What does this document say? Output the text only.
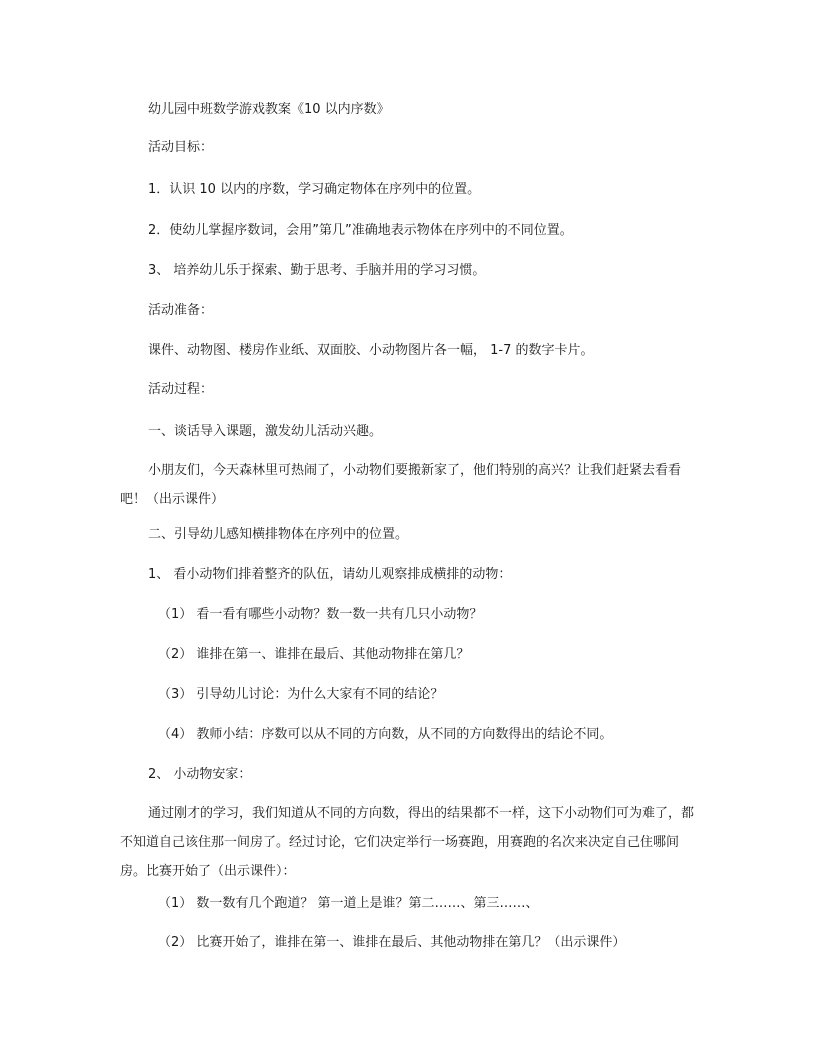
幼儿园中班数学游戏教案《10 以内序数》

活动目标：

1．认识 10 以内的序数，学习确定物体在序列中的位置。

2．使幼儿掌握序数词，会用”第几”准确地表示物体在序列中的不同位置。

3、 培养幼儿乐于探索、勤于思考、手脑并用的学习习惯。

活动准备：

课件、动物图、楼房作业纸、双面胶、小动物图片各一幅， 1-7 的数字卡片。

活动过程：

一、谈话导入课题，激发幼儿活动兴趣。

小朋友们，今天森林里可热闹了，小动物们要搬新家了，他们特别的高兴？让我们赶紧去看看吧！（出示课件）

二、引导幼儿感知横排物体在序列中的位置。

1、 看小动物们排着整齐的队伍，请幼儿观察排成横排的动物：

（1） 看一看有哪些小动物？数一数一共有几只小动物？

（2） 谁排在第一、谁排在最后、其他动物排在第几？

（3） 引导幼儿讨论：为什么大家有不同的结论？

（4） 教师小结：序数可以从不同的方向数，从不同的方向数得出的结论不同。

2、 小动物安家：

通过刚才的学习，我们知道从不同的方向数，得出的结果都不一样，这下小动物们可为难了，都不知道自己该住那一间房了。经过讨论，它们决定举行一场赛跑，用赛跑的名次来决定自己住哪间房。比赛开始了（出示课件）：

（1） 数一数有几个跑道？ 第一道上是谁？第二……、第三……、

（2） 比赛开始了，谁排在第一、谁排在最后、其他动物排在第几？（出示课件）
